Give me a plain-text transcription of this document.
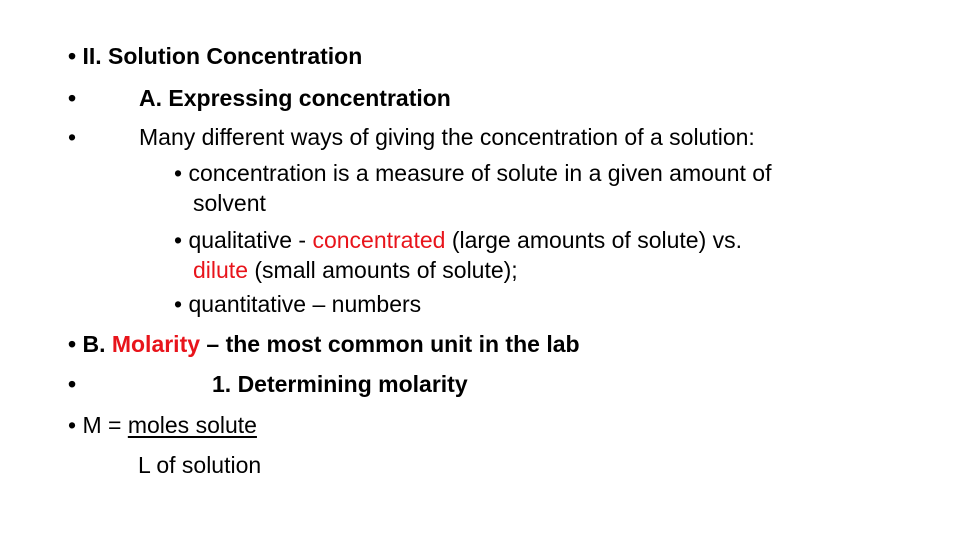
• II. Solution Concentration
•	A. Expressing concentration
•	Many different ways of giving the concentration of a solution:
• concentration is a measure of solute in a given amount of
solvent
• qualitative - concentrated (large amounts of solute) vs.
dilute (small amounts of solute);
• quantitative – numbers
• B. Molarity – the most common unit in the lab
•	1. Determining molarity
• M = moles solute
L of solution
